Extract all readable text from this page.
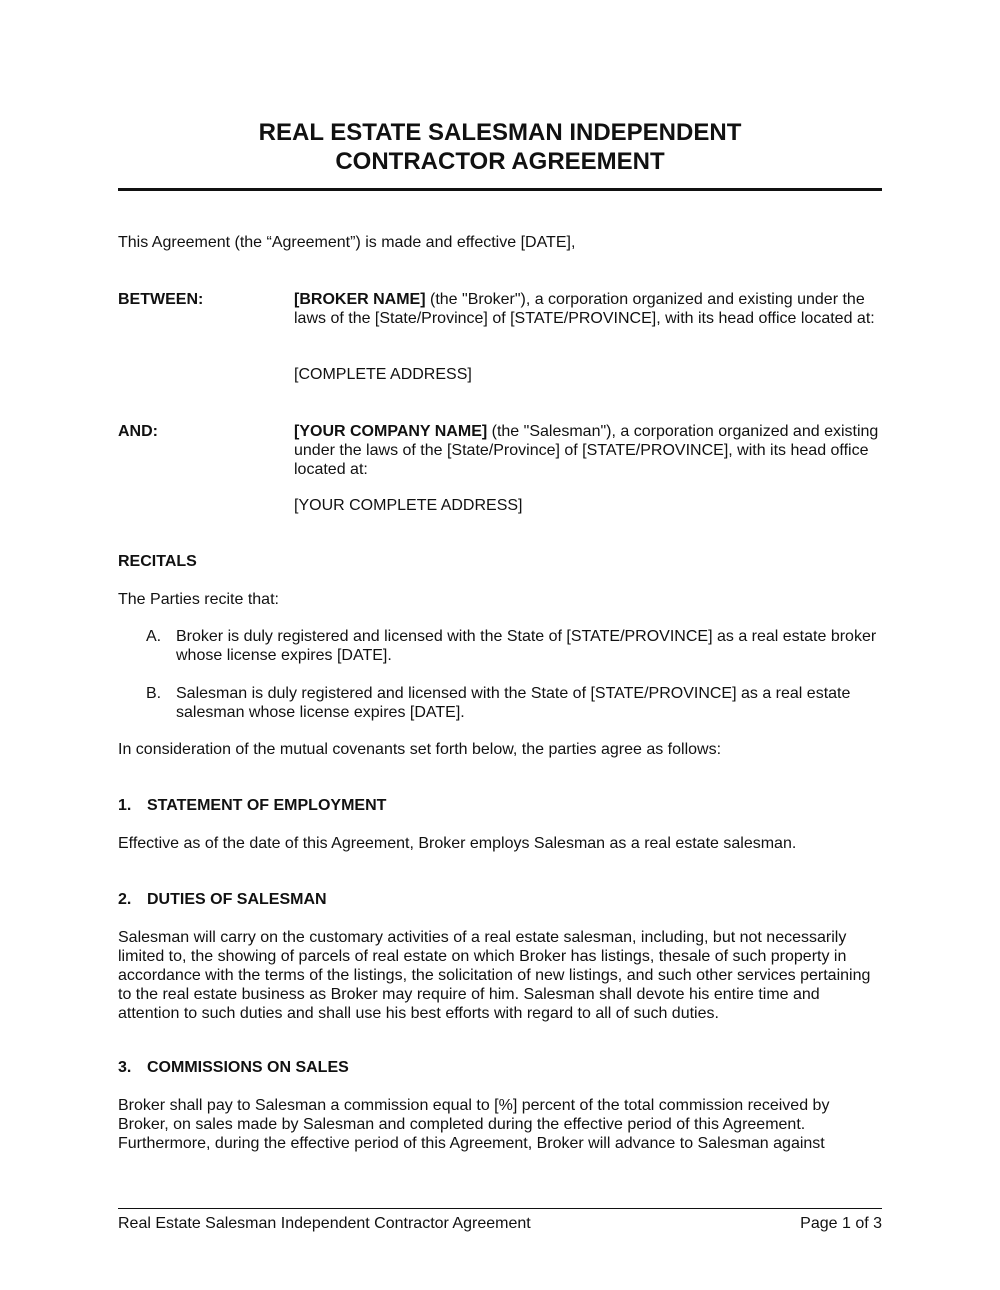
REAL ESTATE SALESMAN INDEPENDENT
CONTRACTOR AGREEMENT

This Agreement (the “Agreement”) is made and effective [DATE],

BETWEEN:	[BROKER NAME] (the "Broker"), a corporation organized and existing under the laws of the [State/Province] of [STATE/PROVINCE], with its head office located at:
[COMPLETE ADDRESS]
AND:	[YOUR COMPANY NAME] (the "Salesman"), a corporation organized and existing under the laws of the [State/Province] of [STATE/PROVINCE], with its head office located at:
[YOUR COMPLETE ADDRESS]
RECITALS
The Parties recite that:
A. Broker is duly registered and licensed with the State of [STATE/PROVINCE] as a real estate broker whose license expires [DATE].
B. Salesman is duly registered and licensed with the State of [STATE/PROVINCE] as a real estate salesman whose license expires [DATE].
In consideration of the mutual covenants set forth below, the parties agree as follows:
1. STATEMENT OF EMPLOYMENT
Effective as of the date of this Agreement, Broker employs Salesman as a real estate salesman.
2. DUTIES OF SALESMAN
Salesman will carry on the customary activities of a real estate salesman, including, but not necessarily limited to, the showing of parcels of real estate on which Broker has listings, thesale of such property in accordance with the terms of the listings, the solicitation of new listings, and such other services pertaining to the real estate business as Broker may require of him. Salesman shall devote his entire time and attention to such duties and shall use his best efforts with regard to all of such duties.
3. COMMISSIONS ON SALES
Broker shall pay to Salesman a commission equal to [%] percent of the total commission received by Broker, on sales made by Salesman and completed during the effective period of this Agreement. Furthermore, during the effective period of this Agreement, Broker will advance to Salesman against
Real Estate Salesman Independent Contractor Agreement	Page 1 of 3
